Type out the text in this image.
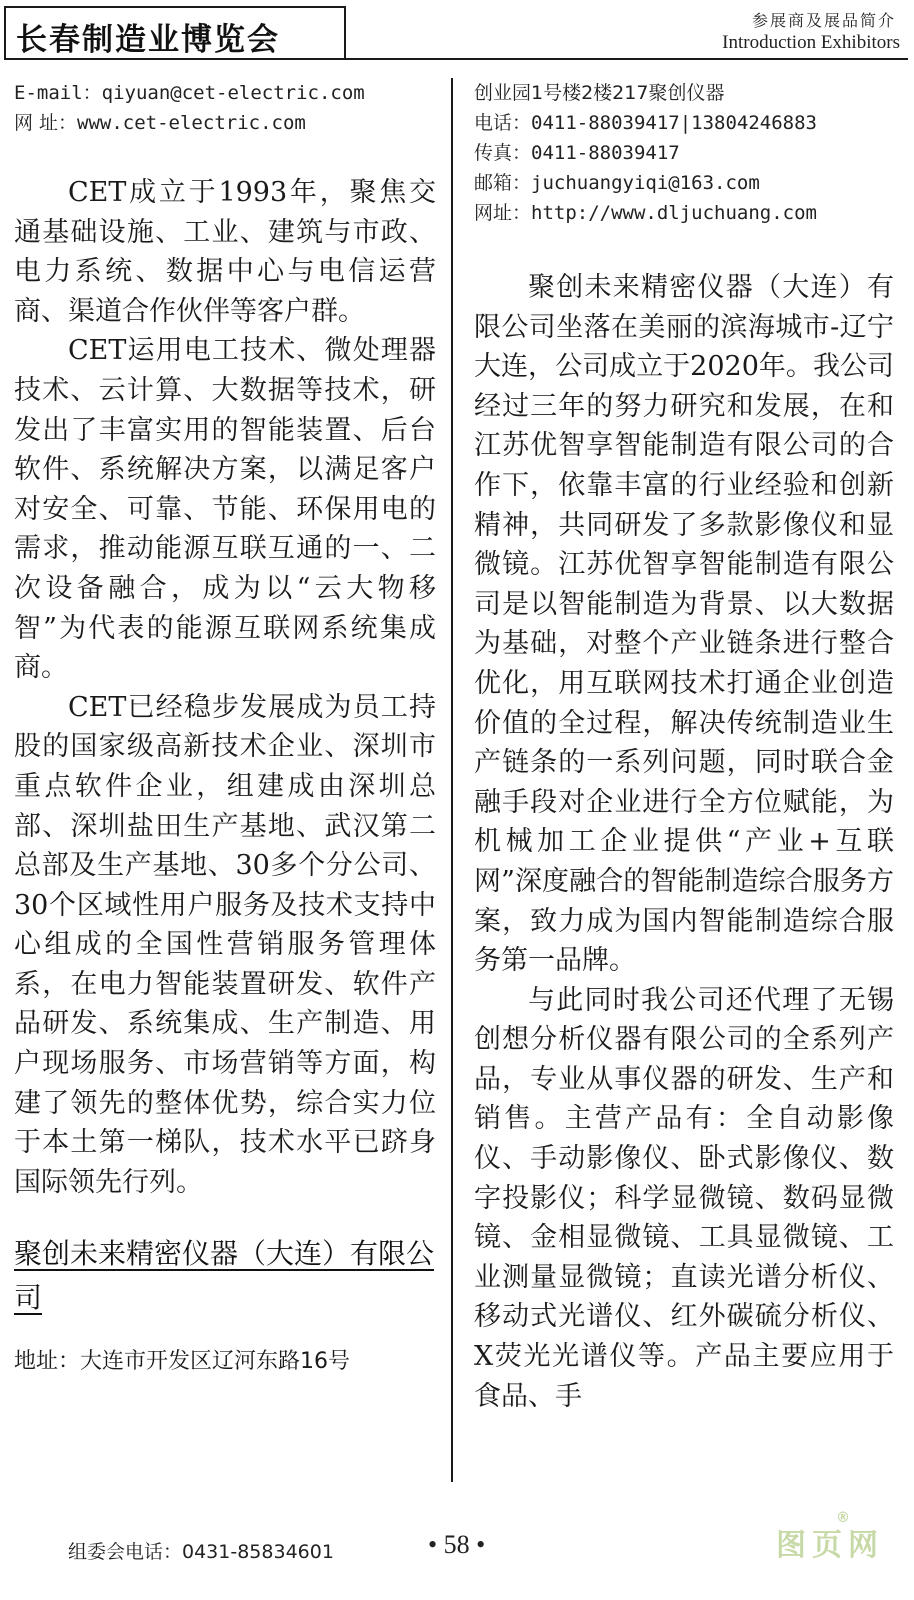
长春制造业博览会
参展商及展品简介
Introduction Exhibitors
E-mail：qiyuan@cet-electric.com
网 址：www.cet-electric.com

CET成立于1993年，聚焦交通基础设施、工业、建筑与市政、电力系统、数据中心与电信运营商、渠道合作伙伴等客户群。

CET运用电工技术、微处理器技术、云计算、大数据等技术，研发出了丰富实用的智能装置、后台软件、系统解决方案，以满足客户对安全、可靠、节能、环保用电的需求，推动能源互联互通的一、二次设备融合，成为以“云大物移智”为代表的能源互联网系统集成商。

CET已经稳步发展成为员工持股的国家级高新技术企业、深圳市重点软件企业，组建成由深圳总部、深圳盐田生产基地、武汉第二总部及生产基地、30多个分公司、30个区域性用户服务及技术支持中心组成的全国性营销服务管理体系，在电力智能装置研发、软件产品研发、系统集成、生产制造、用户现场服务、市场营销等方面，构建了领先的整体优势，综合实力位于本土第一梯队，技术水平已跻身国际领先行列。

聚创未来精密仪器（大连）有限公司
地址：大连市开发区辽河东路16号
创业园1号楼2楼217聚创仪器
电话：0411-88039417|13804246883
传真：0411-88039417
邮箱：juchuangyiqi@163.com
网址：http://www.dljuchuang.com

聚创未来精密仪器（大连）有限公司坐落在美丽的滨海城市-辽宁大连，公司成立于2020年。我公司经过三年的努力研究和发展，在和江苏优智享智能制造有限公司的合作下，依靠丰富的行业经验和创新精神，共同研发了多款影像仪和显微镜。江苏优智享智能制造有限公司是以智能制造为背景、以大数据为基础，对整个产业链条进行整合优化，用互联网技术打通企业创造价值的全过程，解决传统制造业生产链条的一系列问题，同时联合金融手段对企业进行全方位赋能，为机械加工企业提供“产业+互联网”深度融合的智能制造综合服务方案，致力成为国内智能制造综合服务第一品牌。

与此同时我公司还代理了无锡创想分析仪器有限公司的全系列产品，专业从事仪器的研发、生产和销售。主营产品有：全自动影像仪、手动影像仪、卧式影像仪、数字投影仪；科学显微镜、数码显微镜、金相显微镜、工具显微镜、工业测量显微镜；直读光谱分析仪、移动式光谱仪、红外碳硫分析仪、X荧光光谱仪等。产品主要应用于食品、手

组委会电话：0431-85834601	• 58 •	图页网
®
